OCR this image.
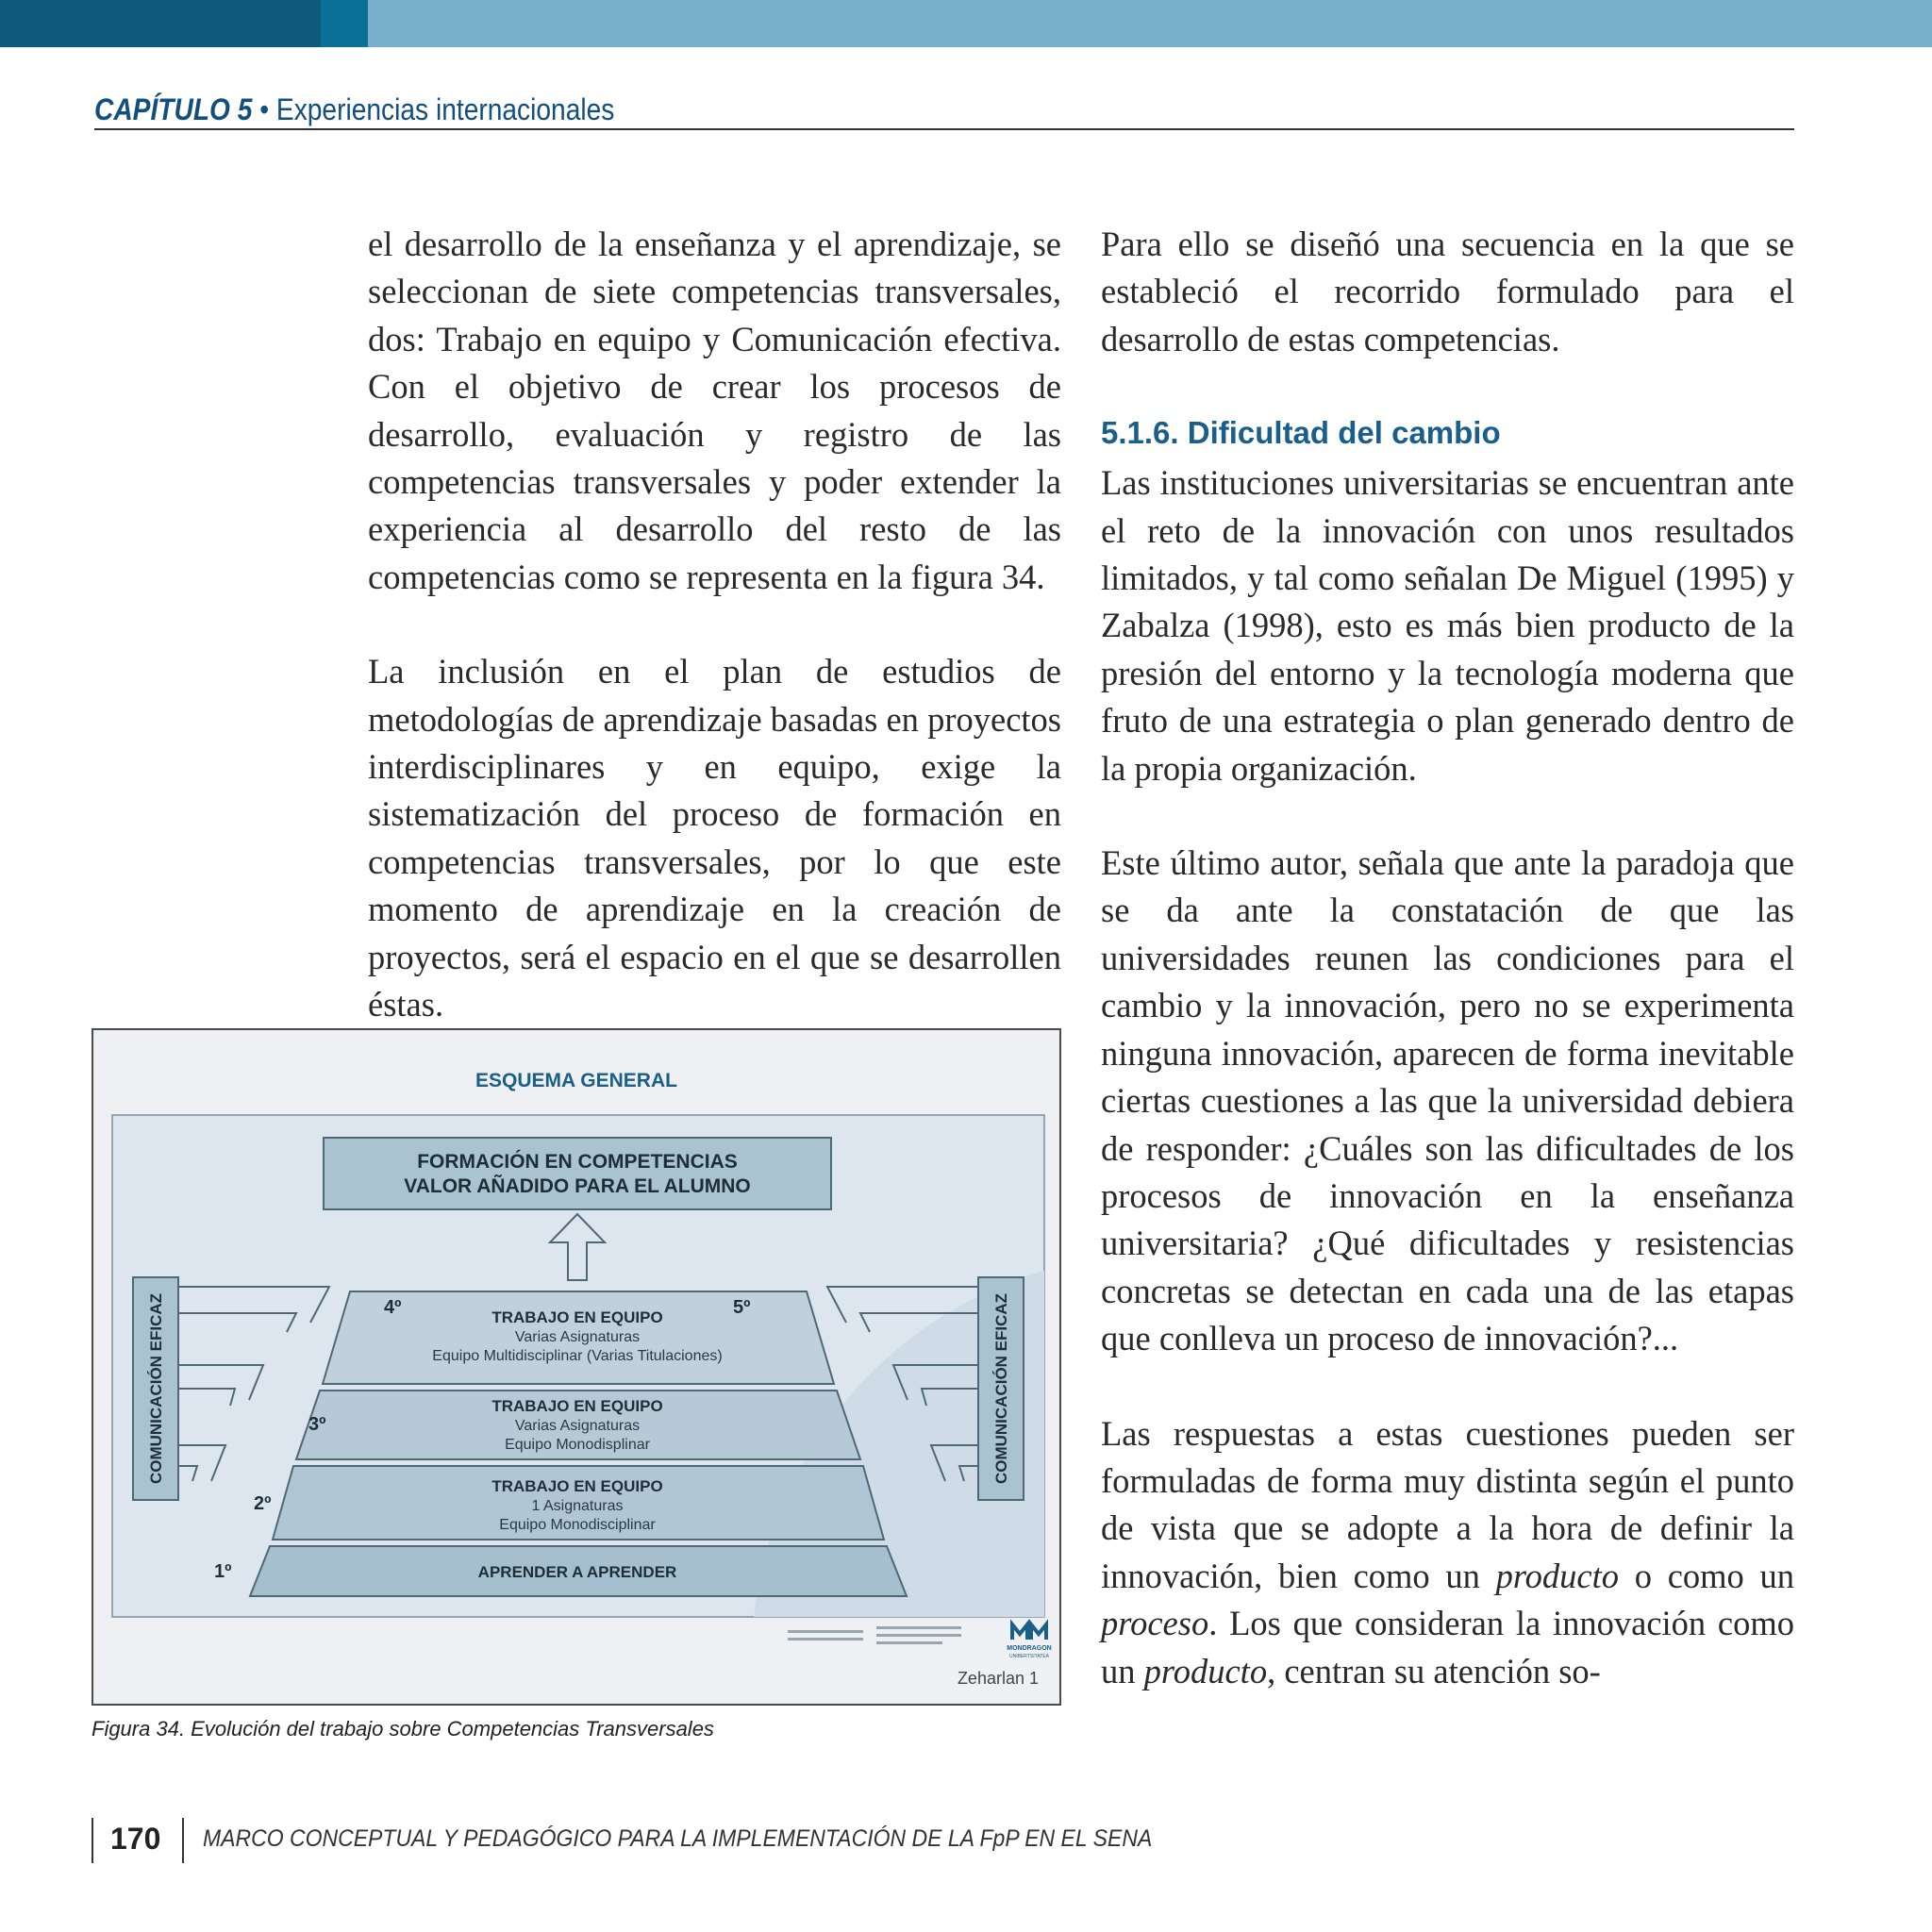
CAPÍTULO 5 • Experiencias internacionales

el desarrollo de la enseñanza y el aprendizaje, se seleccionan de siete competencias transversales, dos: Trabajo en equipo y Comunicación efectiva. Con el objetivo de crear los procesos de desarrollo, evaluación y registro de las competencias transversales y poder extender la experiencia al desarrollo del resto de las competencias como se representa en la figura 34.

La inclusión en el plan de estudios de metodologías de aprendizaje basadas en proyectos interdisciplinares y en equipo, exige la sistematización del proceso de formación en competencias transversales, por lo que este momento de aprendizaje en la creación de proyectos, será el espacio en el que se desarrollen éstas.

Para ello se diseñó una secuencia en la que se estableció el recorrido formulado para el desarrollo de estas competencias.

5.1.6. Dificultad del cambio

Las instituciones universitarias se encuentran ante el reto de la innovación con unos resultados limitados, y tal como señalan De Miguel (1995) y Zabalza (1998), esto es más bien producto de la presión del entorno y la tecnología moderna que fruto de una estrategia o plan generado dentro de la propia organización.

Este último autor, señala que ante la paradoja que se da ante la constatación de que las universidades reunen las condiciones para el cambio y la innovación, pero no se experimenta ninguna innovación, aparecen de forma inevitable ciertas cuestiones a las que la universidad debiera de responder: ¿Cuáles son las dificultades de los procesos de innovación en la enseñanza universitaria? ¿Qué dificultades y resistencias concretas se detectan en cada una de las etapas que conlleva un proceso de innovación?...

Las respuestas a estas cuestiones pueden ser formuladas de forma muy distinta según el punto de vista que se adopte a la hora de definir la innovación, bien como un producto o como un proceso. Los que consideran la innovación como un producto, centran su atención so-

FORMACIÓN EN COMPETENCIAS
VALOR AÑADIDO PARA EL ALUMNO
COMUNICACIÓN EFICAZ	COMUNICACIÓN EFICAZ
4º	5º
TRABAJO EN EQUIPO
Varias Asignaturas
Equipo Multidisciplinar (Varias Titulaciones)
3º
TRABAJO EN EQUIPO
Varias Asignaturas
Equipo Monodisplinar
2º
TRABAJO EN EQUIPO
1 Asignaturas
Equipo Monodisciplinar
1º	APRENDER A APRENDER
MONDRAGON
UNIBERTSITATEA
ESQUEMA GENERAL
Zeharlan 1
Figura 34. Evolución del trabajo sobre Competencias Transversales
170 MARCO CONCEPTUAL Y PEDAGÓGICO PARA LA IMPLEMENTACIÓN DE LA FpP EN EL SENA
